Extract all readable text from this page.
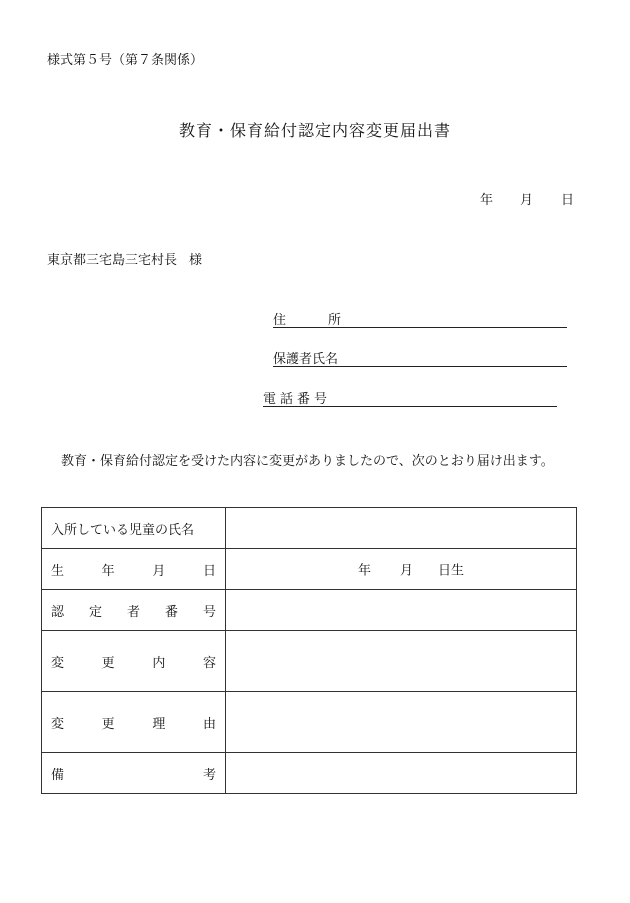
様式第５号（第７条関係）
教育・保育給付認定内容変更届出書
年 月 日
東京都三宅島三宅村長 様
住　所
保護者氏名
電話番号
教育・保育給付認定を受けた内容に変更がありましたので、次のとおり届け出ます。
入所している児童の氏名	

生年月日	年 月 日生

認定者番号	

変更内容	

変更理由	

備考	
